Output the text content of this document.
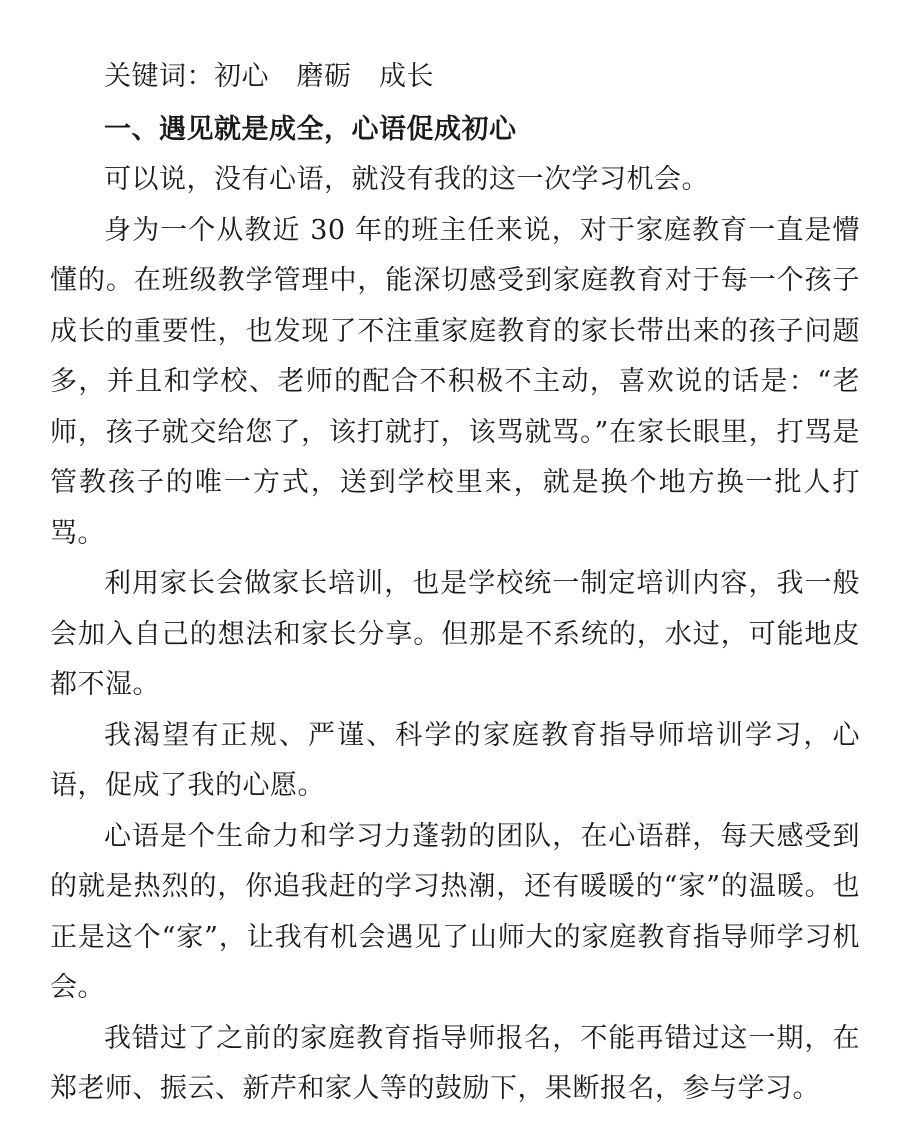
关键词：初心　磨砺　成长

一、遇见就是成全，心语促成初心

可以说，没有心语，就没有我的这一次学习机会。

身为一个从教近 30 年的班主任来说，对于家庭教育一直是懵懂的。在班级教学管理中，能深切感受到家庭教育对于每一个孩子成长的重要性，也发现了不注重家庭教育的家长带出来的孩子问题多，并且和学校、老师的配合不积极不主动，喜欢说的话是：“老师，孩子就交给您了，该打就打，该骂就骂。”在家长眼里，打骂是管教孩子的唯一方式，送到学校里来，就是换个地方换一批人打骂。

利用家长会做家长培训，也是学校统一制定培训内容，我一般会加入自己的想法和家长分享。但那是不系统的，水过，可能地皮都不湿。

我渴望有正规、严谨、科学的家庭教育指导师培训学习，心语，促成了我的心愿。

心语是个生命力和学习力蓬勃的团队，在心语群，每天感受到的就是热烈的，你追我赶的学习热潮，还有暖暖的“家”的温暖。也正是这个“家”，让我有机会遇见了山师大的家庭教育指导师学习机会。

我错过了之前的家庭教育指导师报名，不能再错过这一期，在郑老师、振云、新芹和家人等的鼓励下，果断报名，参与学习。
